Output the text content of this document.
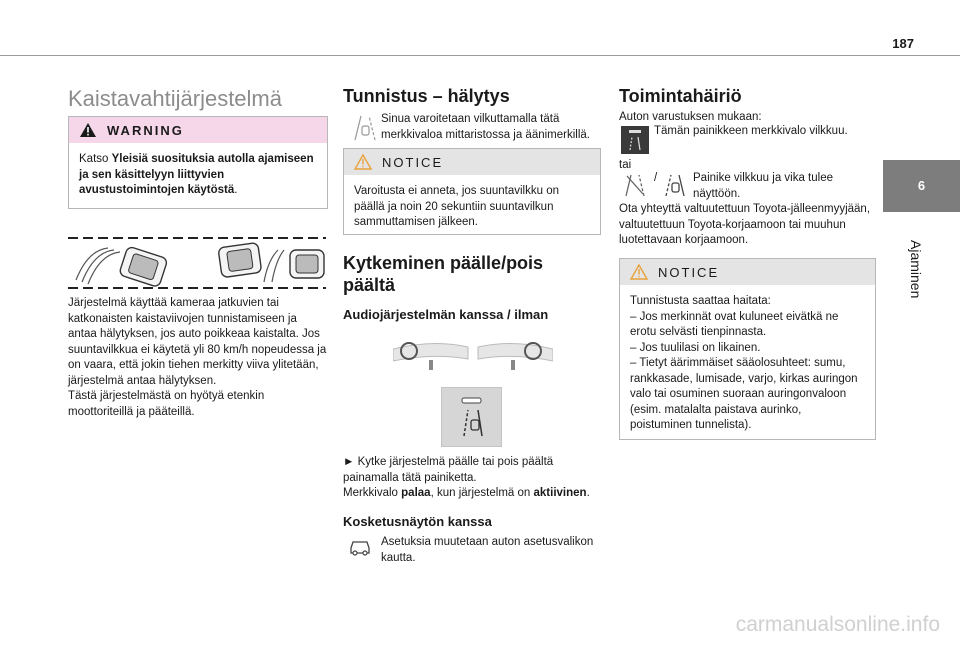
187
6
Ajaminen
Kaistavahtijärjestelmä
WARNING
Katso Yleisiä suosituksia autolla ajamiseen ja sen käsittelyyn liittyvien avustustoimintojen käytöstä.

Järjestelmä käyttää kameraa jatkuvien tai katkonaisten kaistaviivojen tunnistamiseen ja antaa hälytyksen, jos auto poikkeaa kaistalta. Jos suuntavilkkua ei käytetä yli 80 km/h nopeudessa ja on vaara, että jokin tiehen merkitty viiva ylitetään, järjestelmä antaa hälytyksen.

Tästä järjestelmästä on hyötyä etenkin moottoriteillä ja pääteillä.

Tunnistus – hälytys

Sinua varoitetaan vilkuttamalla tätä merkkivaloa mittaristossa ja äänimerkillä.

NOTICE
Varoitusta ei anneta, jos suuntavilkku on päällä ja noin 20 sekuntiin suuntavilkun sammuttamisen jälkeen.
Kytkeminen päälle/pois päältä
Audiojärjestelmän kanssa / ilman

► Kytke järjestelmä päälle tai pois päältä painamalla tätä painiketta.

Merkkivalo palaa, kun järjestelmä on aktiivinen.

Kosketusnäytön kanssa

Asetuksia muutetaan auton asetusvalikon kautta.

Toimintahäiriö

Auton varustuksen mukaan:

Tämän painikkeen merkkivalo vilkkuu.

tai

/	Painike vilkkuu ja vika tulee näyttöön.

Ota yhteyttä valtuutettuun Toyota-jälleenmyyjään, valtuutettuun Toyota-korjaamoon tai muuhun luotettavaan korjaamoon.

NOTICE
Tunnistusta saattaa haitata:
– Jos merkinnät ovat kuluneet eivätkä ne erotu selvästi tienpinnasta.
– Jos tuulilasi on likainen.
– Tietyt äärimmäiset sääolosuhteet: sumu, rankkasade, lumisade, varjo, kirkas auringon valo tai osuminen suoraan auringonvaloon (esim. matalalta paistava aurinko, poistuminen tunnelista).
carmanualsonline.info
